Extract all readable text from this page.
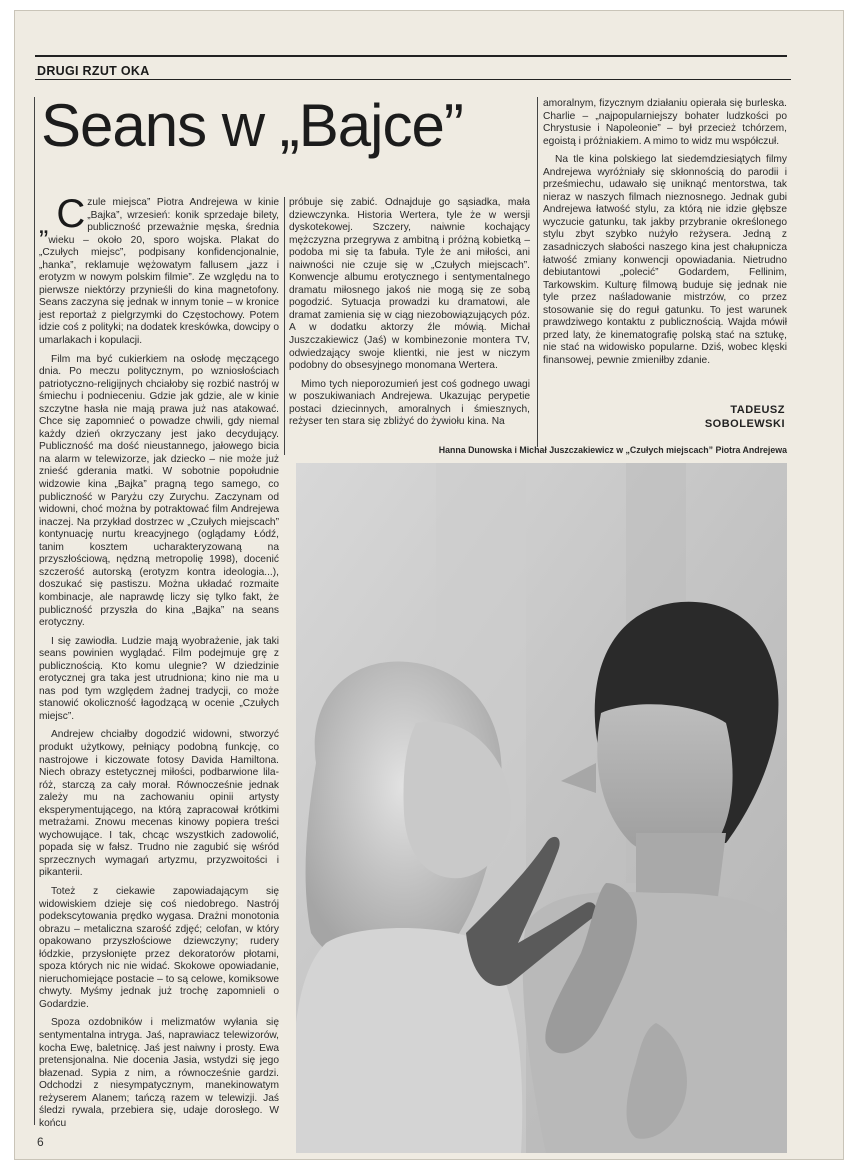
DRUGI RZUT OKA
Seans w „Bajce”

„ C zule miejsca” Piotra Andrejewa w kinie „Bajka”, wrzesień: konik sprzedaje bilety, publiczność przeważnie męska, średnia wieku – około 20, sporo wojska. Plakat do „Czułych miejsc”, podpisany konfidencjonalnie, „hanka”, reklamuje wężowatym fallusem „jazz i erotyzm w nowym polskim filmie”. Ze względu na to pierwsze niektórzy przynieśli do kina magnetofony. Seans zaczyna się jednak w innym tonie – w kronice jest reportaż z pielgrzymki do Częstochowy. Potem idzie coś z polityki; na dodatek kreskówka, dowcipy o umarlakach i kopulacji.

Film ma być cukierkiem na osłodę męczącego dnia. Po meczu politycznym, po wzniosłościach patriotyczno-religijnych chciałoby się rozbić nastrój w śmiechu i podnieceniu. Gdzie jak gdzie, ale w kinie szczytne hasła nie mają prawa już nas atakować. Chce się zapomnieć o powadze chwili, gdy niemal każdy dzień okrzyczany jest jako decydujący. Publiczność ma dość nieustannego, jałowego bicia na alarm w telewizorze, jak dziecko – nie może już znieść gderania matki. W sobotnie popołudnie widzowie kina „Bajka” pragną tego samego, co publiczność w Paryżu czy Zurychu. Zaczynam od widowni, choć można by potraktować film Andrejewa inaczej. Na przykład dostrzec w „Czułych miejscach” kontynuację nurtu kreacyjnego (oglądamy Łódź, tanim kosztem ucharakteryzowaną na przyszłościową, nędzną metropolię 1998), docenić szczerość autorską (erotyzm kontra ideologia...), doszukać się pastiszu. Można układać rozmaite kombinacje, ale naprawdę liczy się tylko fakt, że publiczność przyszła do kina „Bajka” na seans erotyczny.

I się zawiodła. Ludzie mają wyobrażenie, jak taki seans powinien wyglądać. Film podejmuje grę z publicznością. Kto komu ulegnie? W dziedzinie erotycznej gra taka jest utrudniona; kino nie ma u nas pod tym względem żadnej tradycji, co może stanowić okoliczność łagodzącą w ocenie „Czułych miejsc”.

Andrejew chciałby dogodzić widowni, stworzyć produkt użytkowy, pełniący podobną funkcję, co nastrojowe i kiczowate fotosy Davida Hamiltona. Niech obrazy estetycznej miłości, podbarwione lila-róż, starczą za cały morał. Równocześnie jednak zależy mu na zachowaniu opinii artysty eksperymentującego, na którą zapracował krótkimi metrażami. Znowu mecenas kinowy popiera treści wychowujące. I tak, chcąc wszystkich zadowolić, popada się w fałsz. Trudno nie zagubić się wśród sprzecznych wymagań artyzmu, przyzwoitości i pikanterii.

Toteż z ciekawie zapowiadającym się widowiskiem dzieje się coś niedobrego. Nastrój podekscytowania prędko wygasa. Drażni monotonia obrazu – metaliczna szarość zdjęć; celofan, w który opakowano przyszłościowe dziewczyny; rudery łódzkie, przysłonięte przez dekoratorów płotami, spoza których nic nie widać. Skokowe opowiadanie, nieruchomiejące postacie – to są celowe, komiksowe chwyty. Myśmy jednak już trochę zapomnieli o Godardzie.

Spoza ozdobników i melizmatów wyłania się sentymentalna intryga. Jaś, naprawiacz telewizorów, kocha Ewę, baletnicę. Jaś jest naiwny i prosty. Ewa pretensjonalna. Nie docenia Jasia, wstydzi się jego błazenad. Sypia z nim, a równocześnie gardzi. Odchodzi z niesympatycznym, manekinowatym reżyserem Alanem; tańczą razem w telewizji. Jaś śledzi rywala, przebiera się, udaje dorosłego. W końcu

próbuje się zabić. Odnajduje go sąsiadka, mała dziewczynka. Historia Wertera, tyle że w wersji dyskotekowej. Szczery, naiwnie kochający mężczyzna przegrywa z ambitną i próżną kobietką – podoba mi się ta fabuła. Tyle że ani miłości, ani naiwności nie czuje się w „Czułych miejscach”. Konwencje albumu erotycznego i sentymentalnego dramatu miłosnego jakoś nie mogą się ze sobą pogodzić. Sytuacja prowadzi ku dramatowi, ale dramat zamienia się w ciąg niezobowiązujących póz. A w dodatku aktorzy źle mówią. Michał Juszczakiewicz (Jaś) w kombinezonie montera TV, odwiedzający swoje klientki, nie jest w niczym podobny do obsesyjnego monomana Wertera.

Mimo tych nieporozumień jest coś godnego uwagi w poszukiwaniach Andrejewa. Ukazując perypetie postaci dziecinnych, amoralnych i śmiesznych, reżyser ten stara się zbliżyć do żywiołu kina. Na

amoralnym, fizycznym działaniu opierała się burleska. Charlie – „najpopularniejszy bohater ludzkości po Chrystusie i Napoleonie” – był przecież tchórzem, egoistą i próżniakiem. A mimo to widz mu współczuł.

Na tle kina polskiego lat siedemdziesiątych filmy Andrejewa wyróżniały się skłonnością do parodii i prześmiechu, udawało się uniknąć mentorstwa, tak nieraz w naszych filmach nieznosnego. Jednak gubi Andrejewa łatwość stylu, za którą nie idzie głębsze wyczucie gatunku, tak jakby przybranie określonego stylu zbyt szybko nużyło reżysera. Jedną z zasadniczych słabości naszego kina jest chałupnicza łatwość zmiany konwencji opowiadania. Nietrudno debiutantowi „polecić” Godardem, Fellinim, Tarkowskim. Kulturę filmową buduje się jednak nie tyle przez naśladowanie mistrzów, co przez stosowanie się do reguł gatunku. To jest warunek prawdziwego kontaktu z publicznością. Wajda mówił przed laty, że kinematografię polską stać na sztukę, nie stać na widowisko popularne. Dziś, wobec klęski finansowej, pewnie zmieniłby zdanie.

TADEUSZ
SOBOLEWSKI
Hanna Dunowska i Michał Juszczakiewicz w „Czułych miejscach” Piotra Andrejewa
6
